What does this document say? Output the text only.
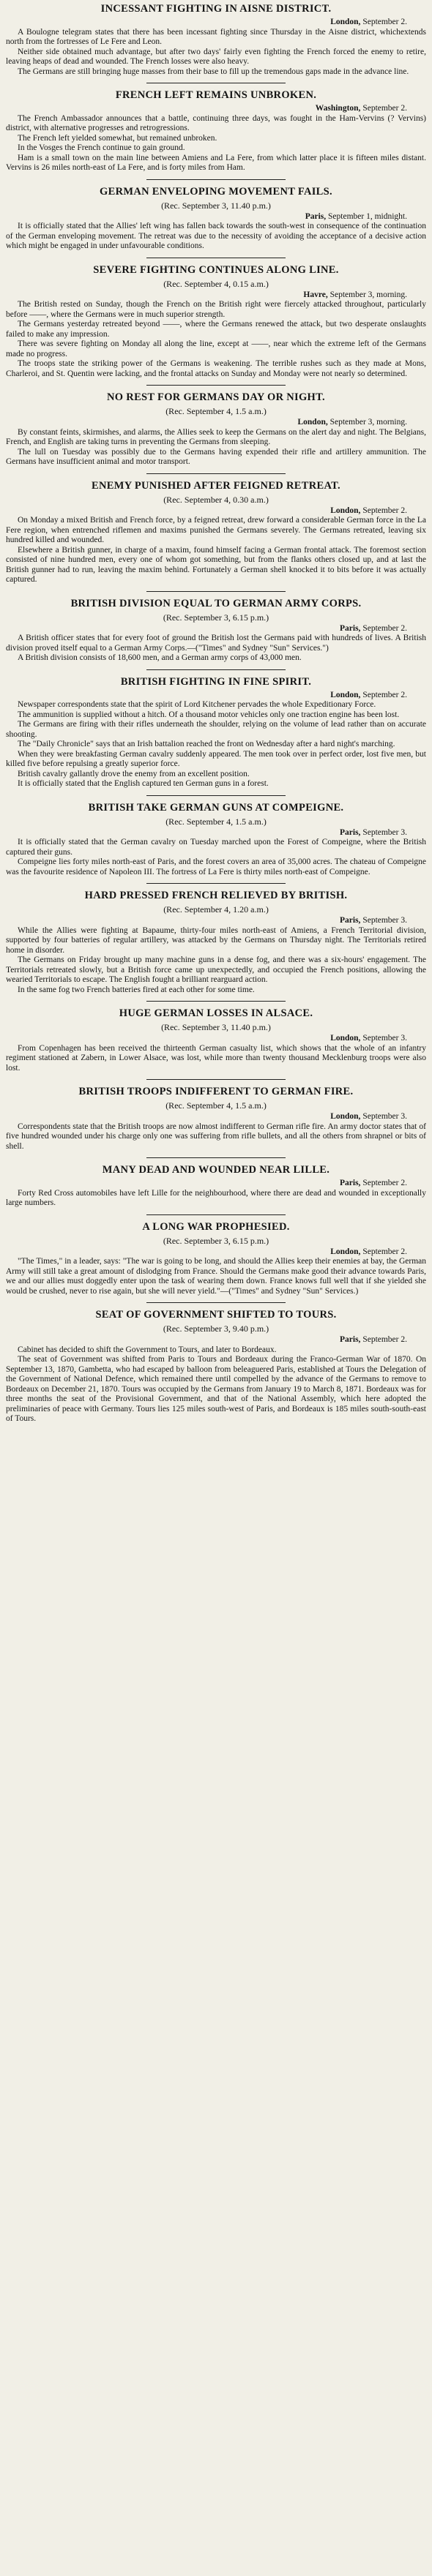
INCESSANT FIGHTING IN AISNE DISTRICT.
London, September 2.

A Boulogne telegram states that there has been incessant fighting since Thursday in the Aisne district, whichextends north from the fortresses of Le Fere and Leon.

Neither side obtained much advantage, but after two days' fairly even fighting the French forced the enemy to retire, leaving heaps of dead and wounded. The French losses were also heavy.

The Germans are still bringing huge masses from their base to fill up the tremendous gaps made in the advance line.

FRENCH LEFT REMAINS UNBROKEN.
Washington, September 2.

The French Ambassador announces that a battle, continuing three days, was fought in the Ham-Vervins (? Vervins) district, with alternative progresses and retrogressions.

The French left yielded somewhat, but remained unbroken.

In the Vosges the French continue to gain ground.

Ham is a small town on the main line between Amiens and La Fere, from which latter place it is fifteen miles distant. Vervins is 26 miles north-east of La Fere, and is forty miles from Ham.

GERMAN ENVELOPING MOVEMENT FAILS.
(Rec. September 3, 11.40 p.m.)
Paris, September 1, midnight.

It is officially stated that the Allies' left wing has fallen back towards the south-west in consequence of the continuation of the German enveloping movement. The retreat was due to the necessity of avoiding the acceptance of a decisive action which might be engaged in under unfavourable conditions.

SEVERE FIGHTING CONTINUES ALONG LINE.
(Rec. September 4, 0.15 a.m.)
Havre, September 3, morning.

The British rested on Sunday, though the French on the British right were fiercely attacked throughout, particularly before ——, where the Germans were in much superior strength.

The Germans yesterday retreated beyond ——, where the Germans renewed the attack, but two desperate onslaughts failed to make any impression.

There was severe fighting on Monday all along the line, except at ——, near which the extreme left of the Germans made no progress.

The troops state the striking power of the Germans is weakening. The terrible rushes such as they made at Mons, Charleroi, and St. Quentin were lacking, and the frontal attacks on Sunday and Monday were not nearly so determined.

NO REST FOR GERMANS DAY OR NIGHT.
(Rec. September 4, 1.5 a.m.)
London, September 3, morning.

By constant feints, skirmishes, and alarms, the Allies seek to keep the Germans on the alert day and night. The Belgians, French, and English are taking turns in preventing the Germans from sleeping.

The lull on Tuesday was possibly due to the Germans having expended their rifle and artillery ammunition. The Germans have insufficient animal and motor transport.

ENEMY PUNISHED AFTER FEIGNED RETREAT.
(Rec. September 4, 0.30 a.m.)
London, September 2.

On Monday a mixed British and French force, by a feigned retreat, drew forward a considerable German force in the La Fere region, when entrenched riflemen and maxims punished the Germans severely. The Germans retreated, leaving six hundred killed and wounded.

Elsewhere a British gunner, in charge of a maxim, found himself facing a German frontal attack. The foremost section consisted of nine hundred men, every one of whom got something, but from the flanks others closed up, and at last the British gunner had to run, leaving the maxim behind. Fortunately a German shell knocked it to bits before it was actually captured.

BRITISH DIVISION EQUAL TO GERMAN ARMY CORPS.
(Rec. September 3, 6.15 p.m.)
Paris, September 2.

A British officer states that for every foot of ground the British lost the Germans paid with hundreds of lives. A British division proved itself equal to a German Army Corps.—("Times" and Sydney "Sun" Services.")

A British division consists of 18,600 men, and a German army corps of 43,000 men.

BRITISH FIGHTING IN FINE SPIRIT.
London, September 2.

Newspaper correspondents state that the spirit of Lord Kitchener pervades the whole Expeditionary Force.

The ammunition is supplied without a hitch. Of a thousand motor vehicles only one traction engine has been lost.

The Germans are firing with their rifles underneath the shoulder, relying on the volume of lead rather than on accurate shooting.

The "Daily Chronicle" says that an Irish battalion reached the front on Wednesday after a hard night's marching.

When they were breakfasting German cavalry suddenly appeared. The men took over in perfect order, lost five men, but killed five before repulsing a greatly superior force.

British cavalry gallantly drove the enemy from an excellent position.

It is officially stated that the English captured ten German guns in a forest.

BRITISH TAKE GERMAN GUNS AT COMPEIGNE.
(Rec. September 4, 1.5 a.m.)
Paris, September 3.

It is officially stated that the German cavalry on Tuesday marched upon the Forest of Compeigne, where the British captured their guns.

Compeigne lies forty miles north-east of Paris, and the forest covers an area of 35,000 acres. The chateau of Compeigne was the favourite residence of Napoleon III. The fortress of La Fere is thirty miles north-east of Compeigne.

HARD PRESSED FRENCH RELIEVED BY BRITISH.
(Rec. September 4, 1.20 a.m.)
Paris, September 3.

While the Allies were fighting at Bapaume, thirty-four miles north-east of Amiens, a French Territorial division, supported by four batteries of regular artillery, was attacked by the Germans on Thursday night. The Territorials retired home in disorder.

The Germans on Friday brought up many machine guns in a dense fog, and there was a six-hours' engagement. The Territorials retreated slowly, but a British force came up unexpectedly, and occupied the French positions, allowing the wearied Territorials to escape. The English fought a brilliant rearguard action.

In the same fog two French batteries fired at each other for some time.

HUGE GERMAN LOSSES IN ALSACE.
(Rec. September 3, 11.40 p.m.)
London, September 3.

From Copenhagen has been received the thirteenth German casualty list, which shows that the whole of an infantry regiment stationed at Zabern, in Lower Alsace, was lost, while more than twenty thousand Mecklenburg troops were also lost.

BRITISH TROOPS INDIFFERENT TO GERMAN FIRE.
(Rec. September 4, 1.5 a.m.)
London, September 3.

Correspondents state that the British troops are now almost indifferent to German rifle fire. An army doctor states that of five hundred wounded under his charge only one was suffering from rifle bullets, and all the others from shrapnel or bits of shell.

MANY DEAD AND WOUNDED NEAR LILLE.
Paris, September 2.

Forty Red Cross automobiles have left Lille for the neighbourhood, where there are dead and wounded in exceptionally large numbers.

A LONG WAR PROPHESIED.
(Rec. September 3, 6.15 p.m.)
London, September 2.

"The Times," in a leader, says: "The war is going to be long, and should the Allies keep their enemies at bay, the German Army will still take a great amount of dislodging from France. Should the Germans make good their advance towards Paris, we and our allies must doggedly enter upon the task of wearing them down. France knows full well that if she yielded she would be crushed, never to rise again, but she will never yield."—("Times" and Sydney "Sun" Services.)

SEAT OF GOVERNMENT SHIFTED TO TOURS.
(Rec. September 3, 9.40 p.m.)
Paris, September 2.

Cabinet has decided to shift the Government to Tours, and later to Bordeaux.

The seat of Government was shifted from Paris to Tours and Bordeaux during the Franco-German War of 1870. On September 13, 1870, Gambetta, who had escaped by balloon from beleaguered Paris, established at Tours the Delegation of the Government of National Defence, which remained there until compelled by the advance of the Germans to remove to Bordeaux on December 21, 1870. Tours was occupied by the Germans from January 19 to March 8, 1871. Bordeaux was for three months the seat of the Provisional Government, and that of the National Assembly, which here adopted the preliminaries of peace with Germany. Tours lies 125 miles south-west of Paris, and Bordeaux is 185 miles south-south-east of Tours.
